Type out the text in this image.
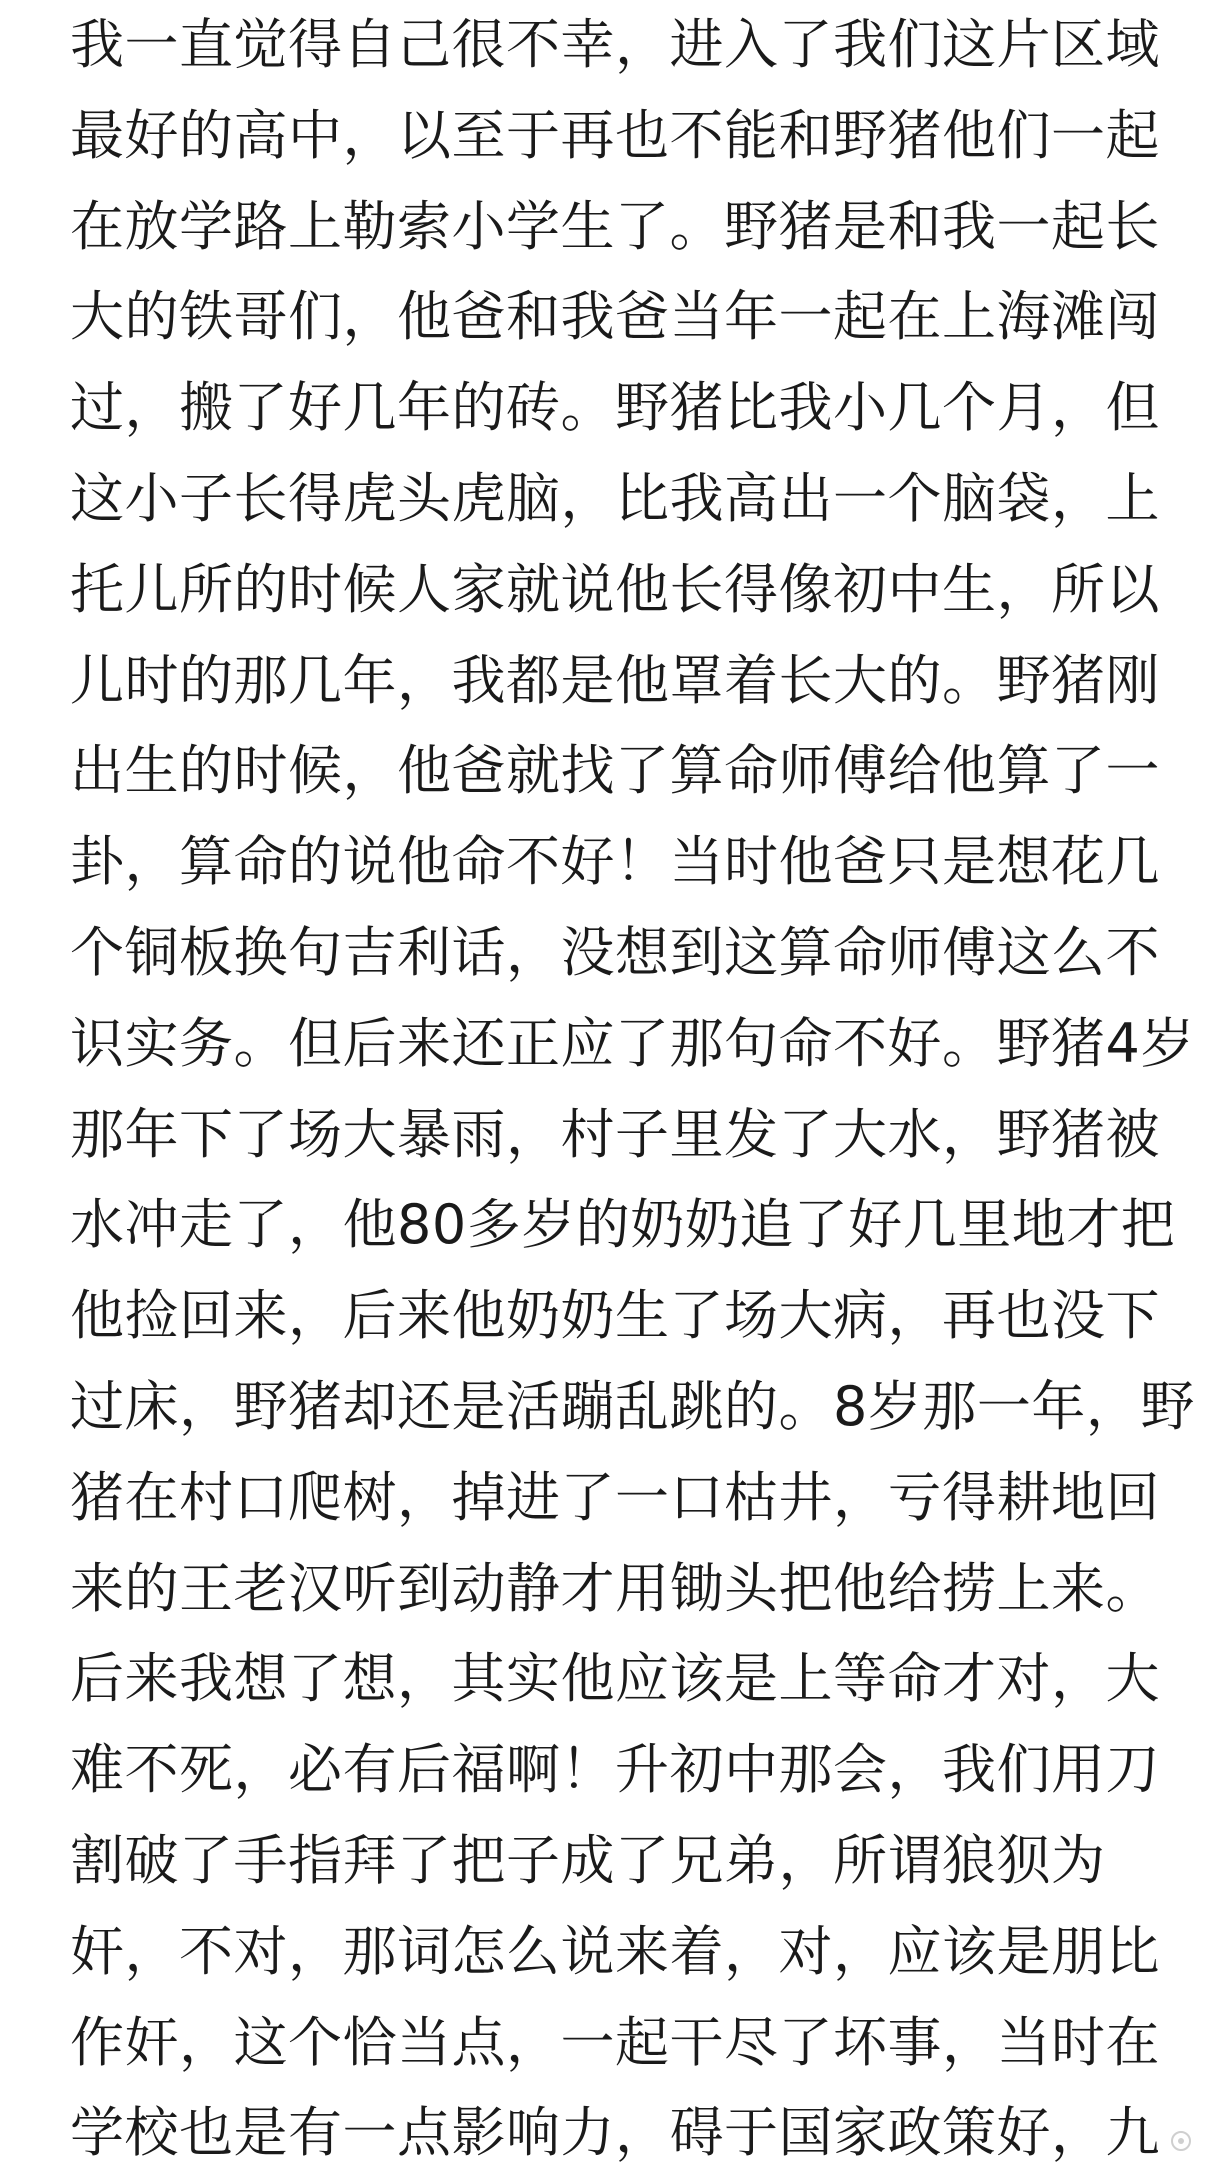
我一直觉得自己很不幸，进入了我们这片区域
最好的高中，以至于再也不能和野猪他们一起
在放学路上勒索小学生了。野猪是和我一起长
大的铁哥们，他爸和我爸当年一起在上海滩闯
过，搬了好几年的砖。野猪比我小几个月，但
这小子长得虎头虎脑，比我高出一个脑袋，上
托儿所的时候人家就说他长得像初中生，所以
儿时的那几年，我都是他罩着长大的。野猪刚
出生的时候，他爸就找了算命师傅给他算了一
卦，算命的说他命不好！当时他爸只是想花几
个铜板换句吉利话，没想到这算命师傅这么不
识实务。但后来还正应了那句命不好。野猪4岁
那年下了场大暴雨，村子里发了大水，野猪被
水冲走了，他80多岁的奶奶追了好几里地才把
他捡回来，后来他奶奶生了场大病，再也没下
过床，野猪却还是活蹦乱跳的。8岁那一年，野
猪在村口爬树，掉进了一口枯井，亏得耕地回
来的王老汉听到动静才用锄头把他给捞上来。
后来我想了想，其实他应该是上等命才对，大
难不死，必有后福啊！升初中那会，我们用刀
割破了手指拜了把子成了兄弟，所谓狼狈为
奸，不对，那词怎么说来着，对，应该是朋比
作奸，这个恰当点，一起干尽了坏事，当时在
学校也是有一点影响力，碍于国家政策好，九
